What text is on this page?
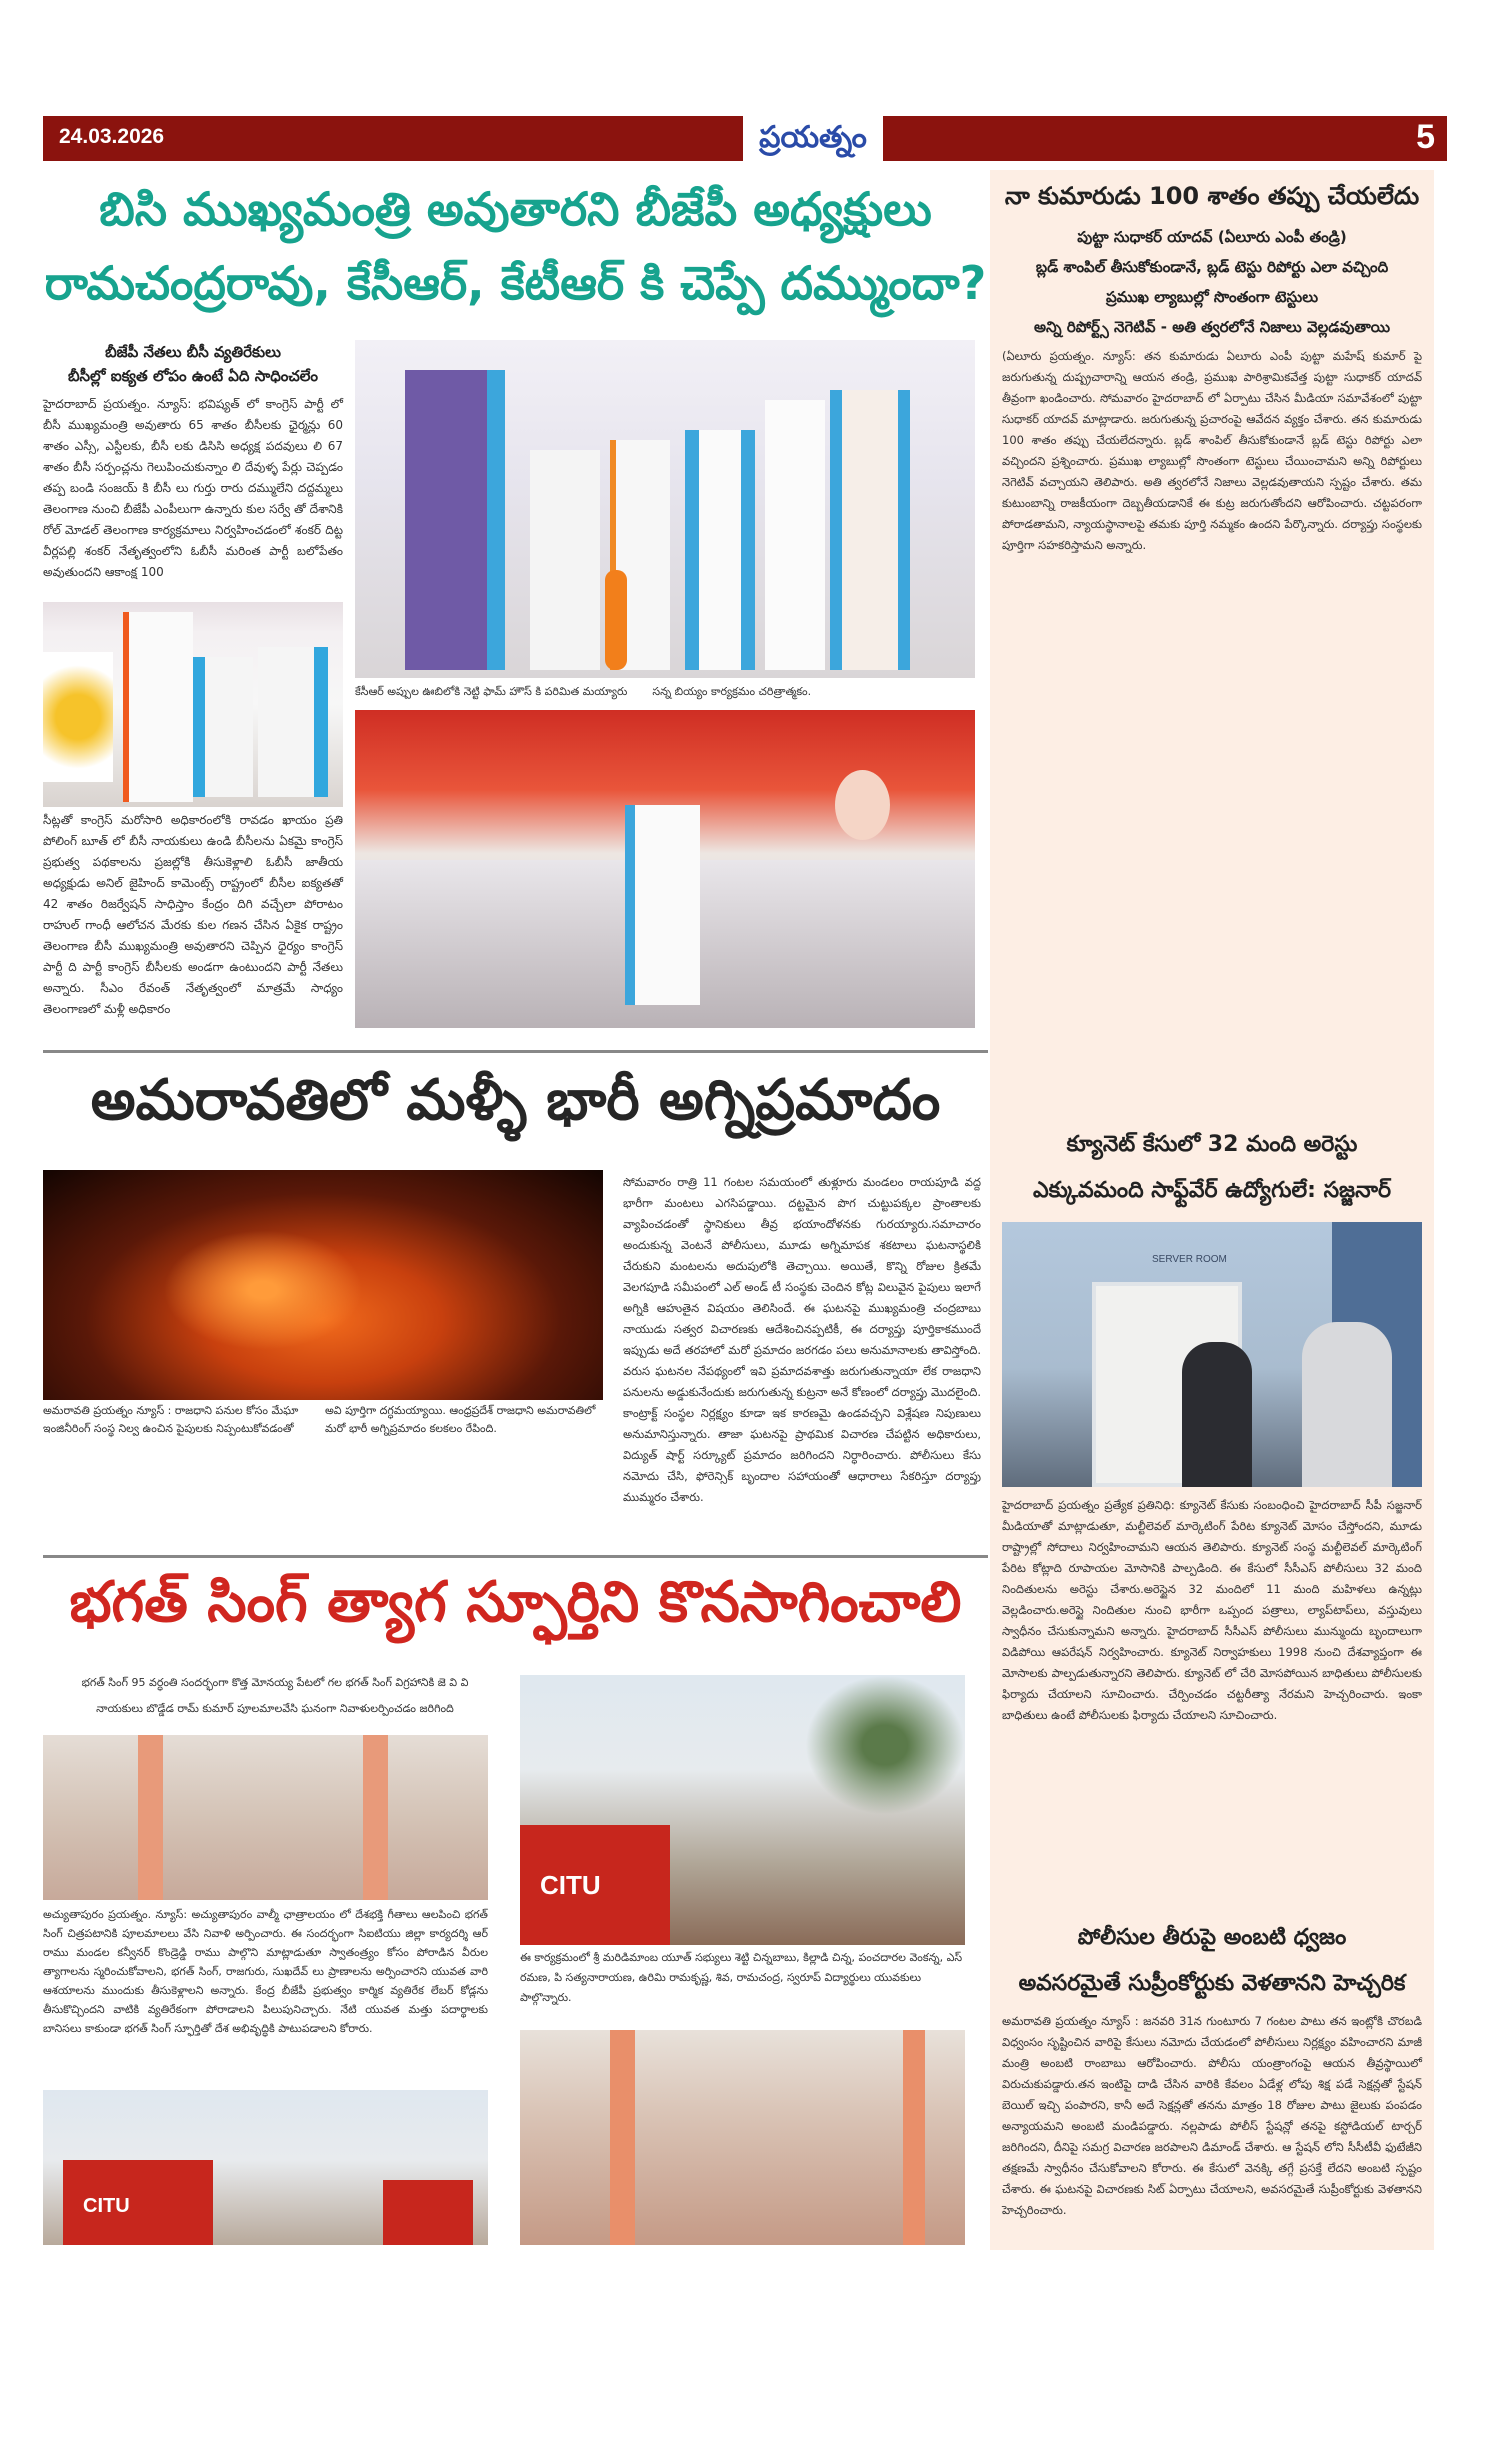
24.03.2026	ప్రయత్నం	5
బిసి ముఖ్యమంత్రి అవుతారని బీజేపీ అధ్యక్షులు
రామచంద్రరావు, కేసీఆర్, కేటీఆర్ కి చెప్పే దమ్ముందా?
బీజేపీ నేతలు బీసీ వ్యతిరేకులు
బీసీల్లో ఐక్యత లోపం ఉంటే ఏది సాధించలేం
హైదరాబాద్ ప్రయత్నం. న్యూస్: భవిష్యత్ లో కాంగ్రెస్ పార్టీ లో బీసీ ముఖ్యమంత్రి అవుతారు 65 శాతం బీసీలకు ఛైర్మన్లు 60 శాతం ఎస్సీ, ఎస్టీలకు, బీసీ లకు డిసిసి అధ్యక్ష పదవులు లి 67 శాతం బీసీ సర్పంచ్లను గెలుపించుకున్నాం లి దేవుళ్ళ పేర్లు చెప్పడం తప్ప బండి సంజయ్ కి బీసీ లు గుర్తు రారు దమ్ములేని దద్దమ్మలు తెలంగాణ నుంచి బీజేపీ ఎంపీలుగా ఉన్నారు కుల సర్వే తో దేశానికి రోల్ మోడల్ తెలంగాణ కార్యక్రమాలు నిర్వహించడంలో శంకర్ దిట్ట వీర్లపల్లి శంకర్ నేతృత్వంలోని ఓబీసీ మరింత పార్టీ బలోపేతం అవుతుందని ఆకాంక్ష 100
సీట్లతో కాంగ్రెస్ మరోసారి అధికారంలోకి రావడం ఖాయం ప్రతి పోలింగ్ బూత్ లో బీసీ నాయకులు ఉండి బీసీలను ఏకమై కాంగ్రెస్ ప్రభుత్వ పథకాలను ప్రజల్లోకి తీసుకెళ్లాలి ఓబీసీ జాతీయ అధ్యక్షుడు అనిల్ జైహింద్ కామెంట్స్ రాష్ట్రంలో బీసీల ఐక్యతతో 42 శాతం రిజర్వేషన్ సాధిస్తాం కేంద్రం దిగి వచ్చేలా పోరాటం రాహుల్ గాంధీ ఆలోచన మేరకు కుల గణన చేసిన ఏకైక రాష్ట్రం తెలంగాణ బీసీ ముఖ్యమంత్రి అవుతారని చెప్పిన ధైర్యం కాంగ్రెస్ పార్టీ ది పార్టీ కాంగ్రెస్ బీసీలకు అండగా ఉంటుందని పార్టీ నేతలు అన్నారు. సీఎం రేవంత్ నేతృత్వంలో మాత్రమే సాధ్యం తెలంగాణలో మళ్లీ అధికారం
కేసీఆర్ అప్పుల ఊబిలోకి నెట్టి ఫామ్ హౌస్ కి పరిమిత మయ్యారు సన్న బియ్యం కార్యక్రమం చరిత్రాత్మకం.
అమరావతిలో మళ్ళీ భారీ అగ్నిప్రమాదం
అమరావతి ప్రయత్నం న్యూస్ : రాజధాని పనుల కోసం మేఘా ఇంజినీరింగ్ సంస్థ నిల్వ ఉంచిన పైపులకు నిప్పంటుకోవడంతో
అవి పూర్తిగా దగ్ధమయ్యాయి. ఆంధ్రప్రదేశ్ రాజధాని అమరావతిలో మరో భారీ అగ్నిప్రమాదం కలకలం రేపింది.
సోమవారం రాత్రి 11 గంటల సమయంలో తుళ్లూరు మండలం రాయపూడి వద్ద భారీగా మంటలు ఎగసిపడ్డాయి. దట్టమైన పొగ చుట్టుపక్కల ప్రాంతాలకు వ్యాపించడంతో స్థానికులు తీవ్ర భయాందోళనకు గురయ్యారు.సమాచారం అందుకున్న వెంటనే పోలీసులు, మూడు అగ్నిమాపక శకటాలు ఘటనాస్థలికి చేరుకుని మంటలను అదుపులోకి తెచ్చాయి. అయితే, కొన్ని రోజుల క్రితమే వెలగపూడి సమీపంలో ఎల్ అండ్ టీ సంస్థకు చెందిన కోట్ల విలువైన పైపులు ఇలాగే అగ్నికి ఆహుతైన విషయం తెలిసిందే. ఈ ఘటనపై ముఖ్యమంత్రి చంద్రబాబు నాయుడు సత్వర విచారణకు ఆదేశించినప్పటికీ, ఈ దర్యాప్తు పూర్తికాకముందే ఇప్పుడు అదే తరహాలో మరో ప్రమాదం జరగడం పలు అనుమానాలకు తావిస్తోంది. వరుస ఘటనల నేపథ్యంలో ఇవి ప్రమాదవశాత్తు జరుగుతున్నాయా లేక రాజధాని పనులను అడ్డుకునేందుకు జరుగుతున్న కుట్రనా అనే కోణంలో దర్యాప్తు మొదలైంది. కాంట్రాక్ట్ సంస్థల నిర్లక్ష్యం కూడా ఇక కారణమై ఉండవచ్చని విశ్లేషణ నిపుణులు అనుమానిస్తున్నారు. తాజా ఘటనపై ప్రాథమిక విచారణ చేపట్టిన అధికారులు, విద్యుత్ షార్ట్ సర్క్యూట్ ప్రమాదం జరిగిందని నిర్ధారించారు. పోలీసులు కేసు నమోదు చేసి, ఫోరెన్సిక్ బృందాల సహాయంతో ఆధారాలు సేకరిస్తూ దర్యాప్తు ముమ్మరం చేశారు.
భగత్ సింగ్ త్యాగ స్ఫూర్తిని కొనసాగించాలి
భగత్ సింగ్ 95 వర్ధంతి సందర్భంగా కొత్త మోనయ్య పేటలో గల భగత్ సింగ్ విగ్రహానికి జె వి వి నాయకులు బొడ్డేడ రామ్ కుమార్ పూలమాలవేసి ఘనంగా నివాళులర్పించడం జరిగింది
అచ్యుతాపురం ప్రయత్నం. న్యూస్: అచ్యుతాపురం వాల్మీ ఛాత్రాలయం లో దేశభక్తి గీతాలు ఆలపించి భగత్ సింగ్ చిత్రపటానికి పూలమాలలు వేసి నివాళి అర్పించారు. ఈ సందర్భంగా సిఐటియు జిల్లా కార్యదర్శి ఆర్ రాము మండల కన్వీనర్ కొండ్రెడ్డి రాము పాల్గొని మాట్లాడుతూ స్వాతంత్ర్యం కోసం పోరాడిన వీరుల త్యాగాలను స్మరించుకోవాలని, భగత్ సింగ్, రాజగురు, సుఖదేవ్ లు ప్రాణాలను అర్పించారని యువత వారి ఆశయాలను ముందుకు తీసుకెళ్లాలని అన్నారు. కేంద్ర బీజేపీ ప్రభుత్వం కార్మిక వ్యతిరేక లేబర్ కోడ్లను తీసుకొచ్చిందని వాటికి వ్యతిరేకంగా పోరాడాలని పిలుపునిచ్చారు. నేటి యువత మత్తు పదార్థాలకు బానిసలు కాకుండా భగత్ సింగ్ స్ఫూర్తితో దేశ అభివృద్ధికి పాటుపడాలని కోరారు.
CITU
CITU
ఈ కార్యక్రమంలో శ్రీ మరిడిమాంబ యూత్ సభ్యులు శెట్టి చిన్నబాబు, కిల్లాడి చిన్న, పంచదారల వెంకన్న, ఎస్ రమణ, పి సత్యనారాయణ, ఉరిమి రామకృష్ణ, శివ, రామచంద్ర, స్వరూప్ విద్యార్థులు యువకులు పాల్గొన్నారు.
నా కుమారుడు 100 శాతం తప్పు చేయలేదు
పుట్టా సుధాకర్ యాదవ్ (ఏలూరు ఎంపీ తండ్రి)
బ్లడ్ శాంపిల్ తీసుకోకుండానే, బ్లడ్ టెస్టు రిపోర్టు ఎలా వచ్చింది
ప్రముఖ ల్యాబుల్లో సొంతంగా టెస్టులు
అన్ని రిపోర్ట్స్ నెగెటివ్ - అతి త్వరలోనే నిజాలు వెల్లడవుతాయి
(ఏలూరు ప్రయత్నం. న్యూస్: తన కుమారుడు ఏలూరు ఎంపీ పుట్టా మహేష్ కుమార్ పై జరుగుతున్న దుష్ప్రచారాన్ని ఆయన తండ్రి, ప్రముఖ పారిశ్రామికవేత్త పుట్టా సుధాకర్ యాదవ్ తీవ్రంగా ఖండించారు. సోమవారం హైదరాబాద్ లో ఏర్పాటు చేసిన మీడియా సమావేశంలో పుట్టా సుధాకర్ యాదవ్ మాట్లాడారు. జరుగుతున్న ప్రచారంపై ఆవేదన వ్యక్తం చేశారు. తన కుమారుడు 100 శాతం తప్పు చేయలేదన్నారు. బ్లడ్ శాంపిల్ తీసుకోకుండానే బ్లడ్ టెస్టు రిపోర్టు ఎలా వచ్చిందని ప్రశ్నించారు. ప్రముఖ ల్యాబుల్లో సొంతంగా టెస్టులు చేయించామని అన్ని రిపోర్టులు నెగెటివ్ వచ్చాయని తెలిపారు. అతి త్వరలోనే నిజాలు వెల్లడవుతాయని స్పష్టం చేశారు. తమ కుటుంబాన్ని రాజకీయంగా దెబ్బతీయడానికే ఈ కుట్ర జరుగుతోందని ఆరోపించారు. చట్టపరంగా పోరాడతామని, న్యాయస్థానాలపై తమకు పూర్తి నమ్మకం ఉందని పేర్కొన్నారు. దర్యాప్తు సంస్థలకు పూర్తిగా సహకరిస్తామని అన్నారు.
క్యూనెట్ కేసులో 32 మంది అరెస్టు
ఎక్కువమంది సాఫ్ట్‌వేర్ ఉద్యోగులే: సజ్జనార్
SERVER ROOM
హైదరాబాద్ ప్రయత్నం ప్రత్యేక ప్రతినిధి: క్యూనెట్ కేసుకు సంబంధించి హైదరాబాద్ సీపీ సజ్జనార్ మీడియాతో మాట్లాడుతూ, మల్టీలెవల్ మార్కెటింగ్ పేరిట క్యూనెట్ మోసం చేస్తోందని, మూడు రాష్ట్రాల్లో సోదాలు నిర్వహించామని ఆయన తెలిపారు. క్యూనెట్ సంస్థ మల్టీలెవల్ మార్కెటింగ్ పేరిట కోట్లాది రూపాయల మోసానికి పాల్పడింది. ఈ కేసులో సీసీఎస్ పోలీసులు 32 మంది నిందితులను అరెస్టు చేశారు.అరెస్టైన 32 మందిలో 11 మంది మహిళలు ఉన్నట్లు వెల్లడించారు.అరెస్టై నిందితుల నుంచి భారీగా ఒప్పంద పత్రాలు, ల్యాప్‌టాప్‌లు, వస్తువులు స్వాధీనం చేసుకున్నామని అన్నారు. హైదరాబాద్ సీసీఎస్ పోలీసులు మున్ముందు బృందాలుగా విడిపోయి ఆపరేషన్ నిర్వహించారు. క్యూనెట్ నిర్వాహకులు 1998 నుంచి దేశవ్యాప్తంగా ఈ మోసాలకు పాల్పడుతున్నారని తెలిపారు. క్యూనెట్ లో చేరి మోసపోయిన బాధితులు పోలీసులకు ఫిర్యాదు చేయాలని సూచించారు. చేర్పించడం చట్టరీత్యా నేరమని హెచ్చరించారు. ఇంకా బాధితులు ఉంటే పోలీసులకు ఫిర్యాదు చేయాలని సూచించారు.
పోలీసుల తీరుపై అంబటి ధ్వజం
అవసరమైతే సుప్రీంకోర్టుకు వెళతానని హెచ్చరిక
అమరావతి ప్రయత్నం న్యూస్ : జనవరి 31న గుంటూరు 7 గంటల పాటు తన ఇంట్లోకి చొరబడి విధ్వంసం సృష్టించిన వారిపై కేసులు నమోదు చేయడంలో పోలీసులు నిర్లక్ష్యం వహించారని మాజీ మంత్రి అంబటి రాంబాబు ఆరోపించారు. పోలీసు యంత్రాంగంపై ఆయన తీవ్రస్థాయిలో విరుచుకుపడ్డారు.తన ఇంటిపై దాడి చేసిన వారికి కేవలం ఏడేళ్ల లోపు శిక్ష పడే సెక్షన్లతో స్టేషన్ బెయిల్ ఇచ్చి పంపారని, కానీ అదే సెక్షన్లతో తనను మాత్రం 18 రోజుల పాటు జైలుకు పంపడం అన్యాయమని అంబటి మండిపడ్డారు. నల్లపాడు పోలీస్ స్టేషన్లో తనపై కస్టోడియల్ టార్చర్ జరిగిందని, దీనిపై సమగ్ర విచారణ జరపాలని డిమాండ్ చేశారు. ఆ స్టేషన్ లోని సీసీటీవీ ఫుటేజీని తక్షణమే స్వాధీనం చేసుకోవాలని కోరారు. ఈ కేసులో వెనక్కి తగ్గే ప్రసక్తే లేదని అంబటి స్పష్టం చేశారు. ఈ ఘటనపై విచారణకు సిట్ ఏర్పాటు చేయాలని, అవసరమైతే సుప్రీంకోర్టుకు వెళతానని హెచ్చరించారు.
